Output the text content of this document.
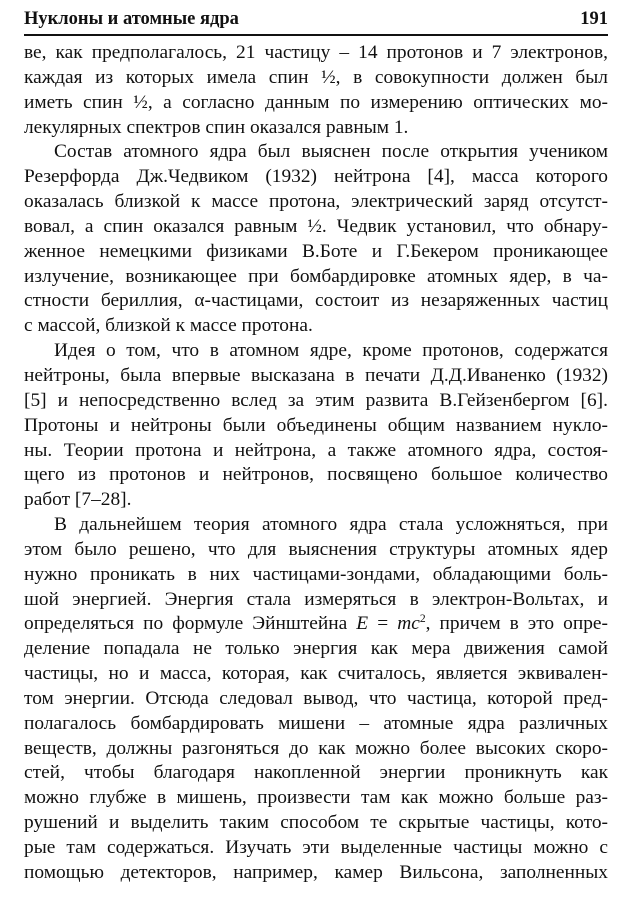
Нуклоны и атомные ядра	191
ве, как предполагалось, 21 частицу – 14 протонов и 7 электронов,
каждая из которых имела спин ½, в совокупности должен был
иметь спин ½, а согласно данным по измерению оптических мо-
лекулярных спектров спин оказался равным 1.
Состав атомного ядра был выяснен после открытия учеником
Резерфорда Дж.Чедвиком (1932) нейтрона [4], масса которого
оказалась близкой к массе протона, электрический заряд отсутст-
вовал, а спин оказался равным ½. Чедвик установил, что обнару-
женное немецкими физиками В.Боте и Г.Бекером проникающее
излучение, возникающее при бомбардировке атомных ядер, в ча-
стности бериллия, α-частицами, состоит из незаряженных частиц
с массой, близкой к массе протона.
Идея о том, что в атомном ядре, кроме протонов, содержатся
нейтроны, была впервые высказана в печати Д.Д.Иваненко (1932)
[5] и непосредственно вслед за этим развита В.Гейзенбергом [6].
Протоны и нейтроны были объединены общим названием нукло-
ны. Теории протона и нейтрона, а также атомного ядра, состоя-
щего из протонов и нейтронов, посвящено большое количество
работ [7–28].
В дальнейшем теория атомного ядра стала усложняться, при
этом было решено, что для выяснения структуры атомных ядер
нужно проникать в них частицами-зондами, обладающими боль-
шой энергией. Энергия стала измеряться в электрон-Вольтах, и
определяться по формуле Эйнштейна $E = mc^2$, причем в это опре-
деление попадала не только энергия как мера движения самой
частицы, но и масса, которая, как считалось, является эквивален-
том энергии. Отсюда следовал вывод, что частица, которой пред-
полагалось бомбардировать мишени – атомные ядра различных
веществ, должны разгоняться до как можно более высоких скоро-
стей, чтобы благодаря накопленной энергии проникнуть как
можно глубже в мишень, произвести там как можно больше раз-
рушений и выделить таким способом те скрытые частицы, кото-
рые там содержаться. Изучать эти выделенные частицы можно с
помощью детекторов, например, камер Вильсона, заполненных
